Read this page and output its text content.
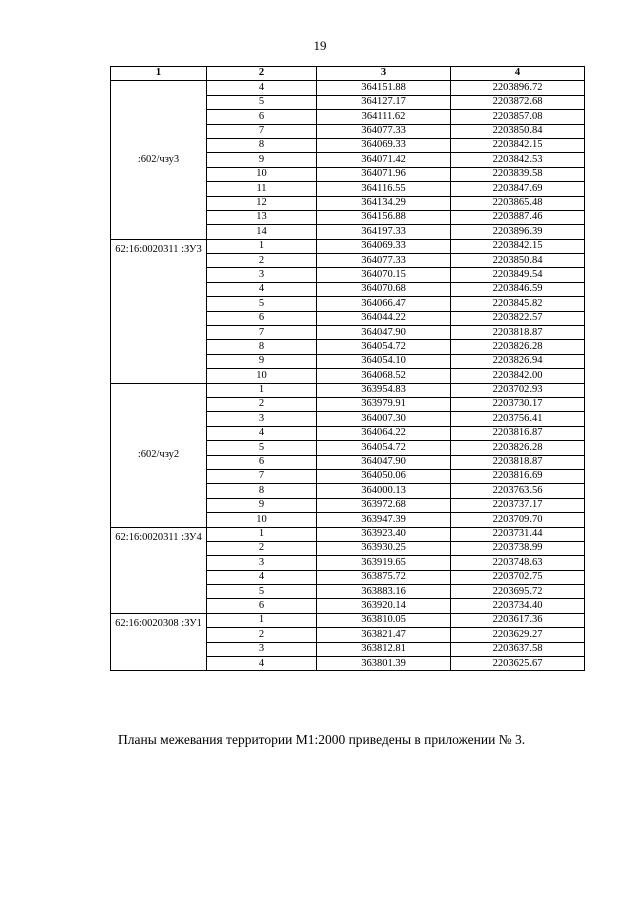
19
1	2	3	4
:602/чзу3	4	364151.88	2203896.72
	5	364127.17	2203872.68
	6	364111.62	2203857.08
	7	364077.33	2203850.84
	8	364069.33	2203842.15
	9	364071.42	2203842.53
	10	364071.96	2203839.58
	11	364116.55	2203847.69
	12	364134.29	2203865.48
	13	364156.88	2203887.46
	14	364197.33	2203896.39
62:16:0020311 :ЗУ3	1	364069.33	2203842.15
	2	364077.33	2203850.84
	3	364070.15	2203849.54
	4	364070.68	2203846.59
	5	364066.47	2203845.82
	6	364044.22	2203822.57
	7	364047.90	2203818.87
	8	364054.72	2203826.28
	9	364054.10	2203826.94
	10	364068.52	2203842.00
:602/чзу2	1	363954.83	2203702.93
	2	363979.91	2203730.17
	3	364007.30	2203756.41
	4	364064.22	2203816.87
	5	364054.72	2203826.28
	6	364047.90	2203818.87
	7	364050.06	2203816.69
	8	364000.13	2203763.56
	9	363972.68	2203737.17
	10	363947.39	2203709.70
62:16:0020311 :ЗУ4	1	363923.40	2203731.44
	2	363930.25	2203738.99
	3	363919.65	2203748.63
	4	363875.72	2203702.75
	5	363883.16	2203695.72
	6	363920.14	2203734.40
62:16:0020308 :ЗУ1	1	363810.05	2203617.36
	2	363821.47	2203629.27
	3	363812.81	2203637.58
	4	363801.39	2203625.67
Планы межевания территории М1:2000 приведены в приложении № 3.
